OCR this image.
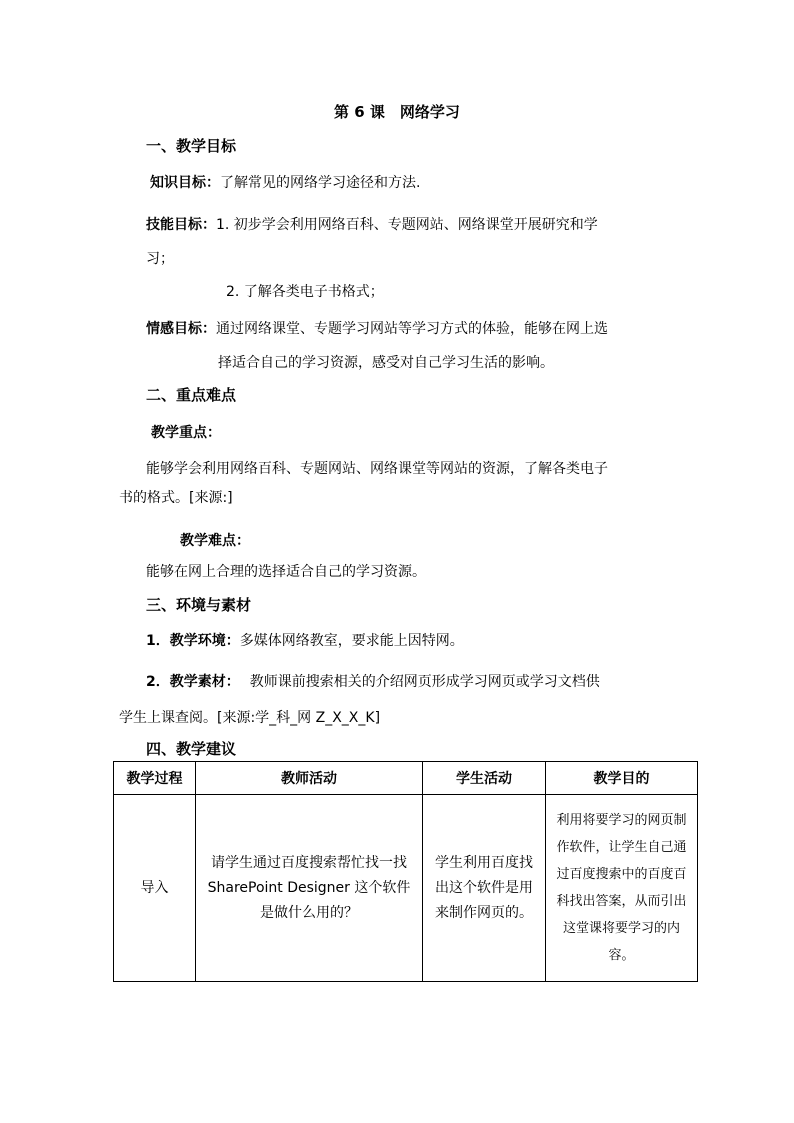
第 6 课　网络学习
一、教学目标
知识目标：了解常见的网络学习途径和方法.
技能目标：1. 初步学会利用网络百科、专题网站、网络课堂开展研究和学
习；
2. 了解各类电子书格式；
情感目标：通过网络课堂、专题学习网站等学习方式的体验，能够在网上选
择适合自己的学习资源，感受对自己学习生活的影响。
二、重点难点
教学重点：
能够学会利用网络百科、专题网站、网络课堂等网站的资源，了解各类电子
书的格式。[来源:]
教学难点：
能够在网上合理的选择适合自己的学习资源。
三、环境与素材
1．教学环境：多媒体网络教室，要求能上因特网。
2．教学素材： 教师课前搜索相关的介绍网页形成学习网页或学习文档供
学生上课查阅。[来源:学_科_网 Z_X_X_K]
四、教学建议
教学过程	教师活动	学生活动	教学目的
导入	请学生通过百度搜索帮忙找一找 SharePoint Designer 这个软件是做什么用的？	学生利用百度找出这个软件是用来制作网页的。	利用将要学习的网页制作软件，让学生自己通过百度搜索中的百度百科找出答案，从而引出这堂课将要学习的内容。
